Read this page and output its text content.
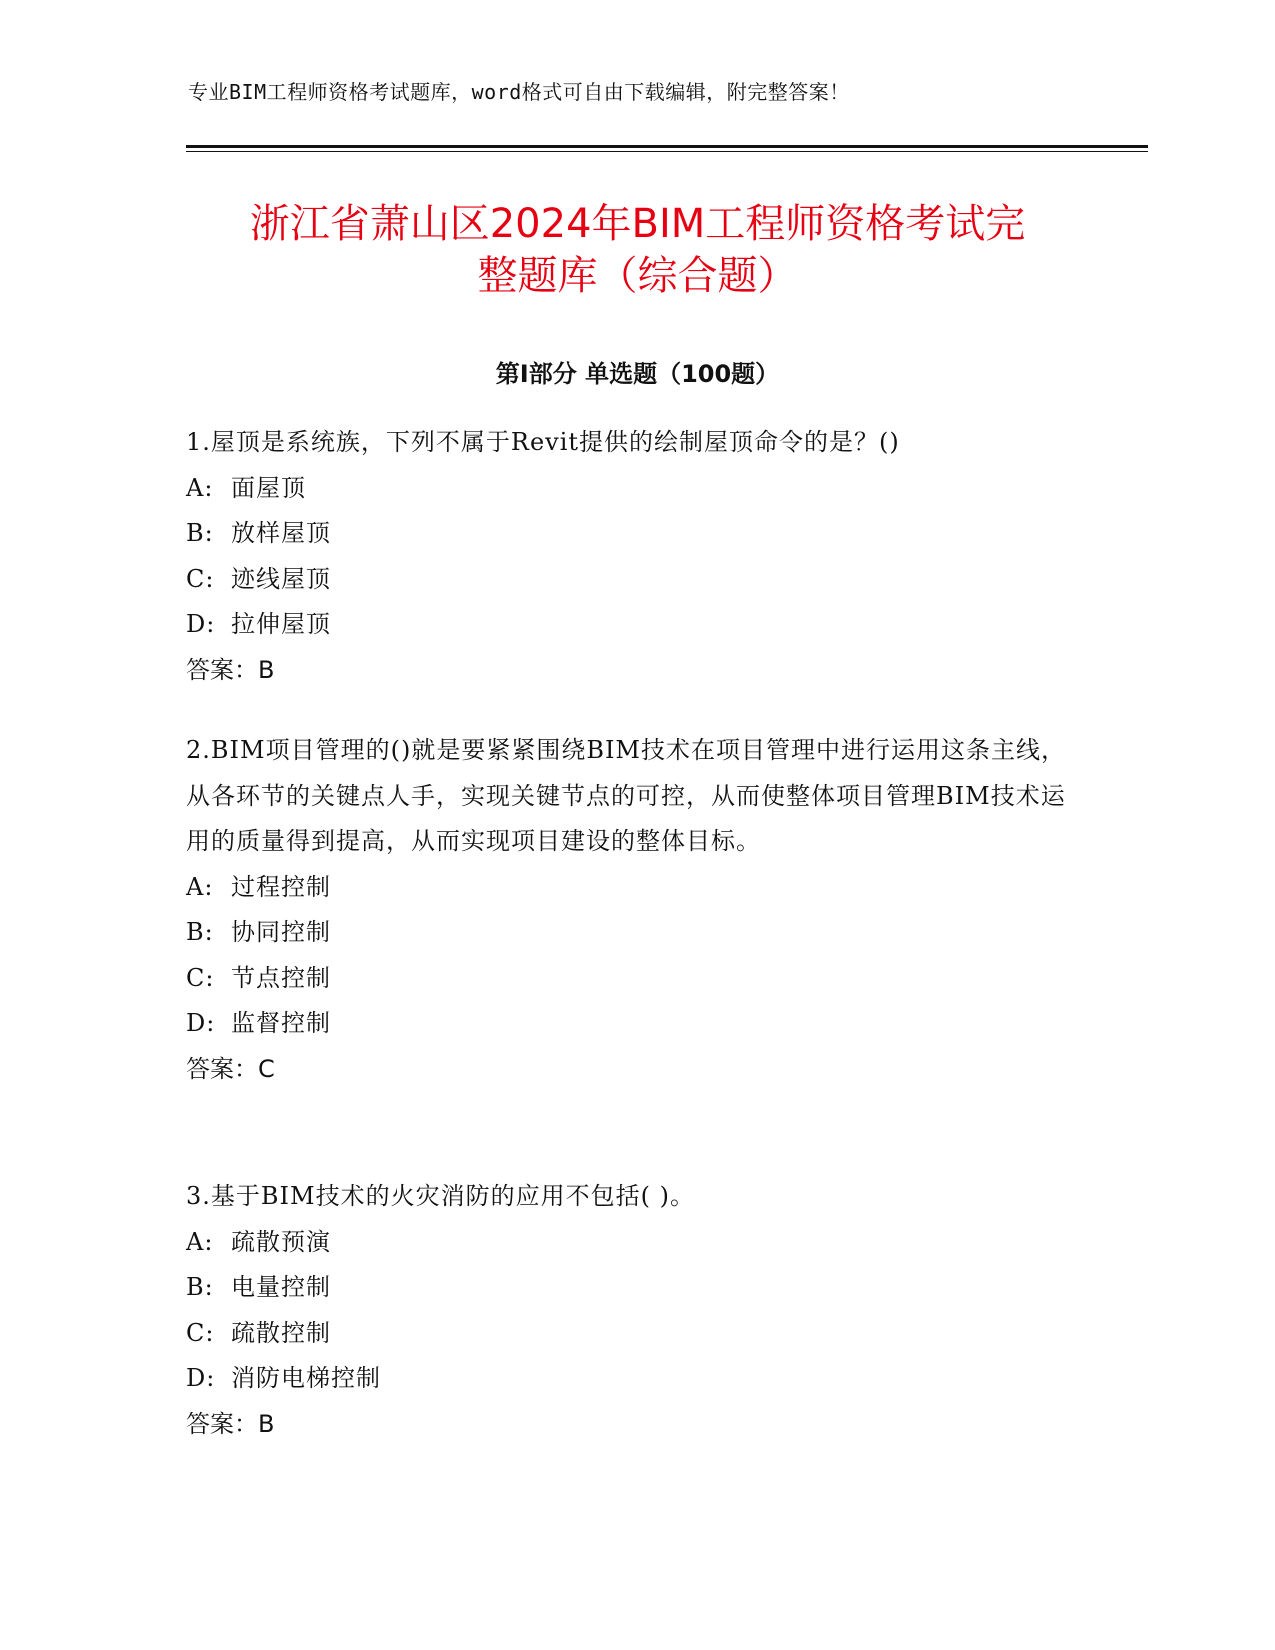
专业BIM工程师资格考试题库，word格式可自由下载编辑，附完整答案！
浙江省萧山区2024年BIM工程师资格考试完
整题库（综合题）
第Ⅰ部分 单选题（100题）
1.屋顶是系统族，下列不属于Revit提供的绘制屋顶命令的是？()
A: 面屋顶
B: 放样屋顶
C: 迹线屋顶
D: 拉伸屋顶
答案：B
2.BIM项目管理的()就是要紧紧围绕BIM技术在项目管理中进行运用这条主线，从各环节的关键点人手，实现关键节点的可控，从而使整体项目管理BIM技术运用的质量得到提高，从而实现项目建设的整体目标。
A: 过程控制
B: 协同控制
C: 节点控制
D: 监督控制
答案：C
3.基于BIM技术的火灾消防的应用不包括( )。
A: 疏散预演
B: 电量控制
C: 疏散控制
D: 消防电梯控制
答案：B
